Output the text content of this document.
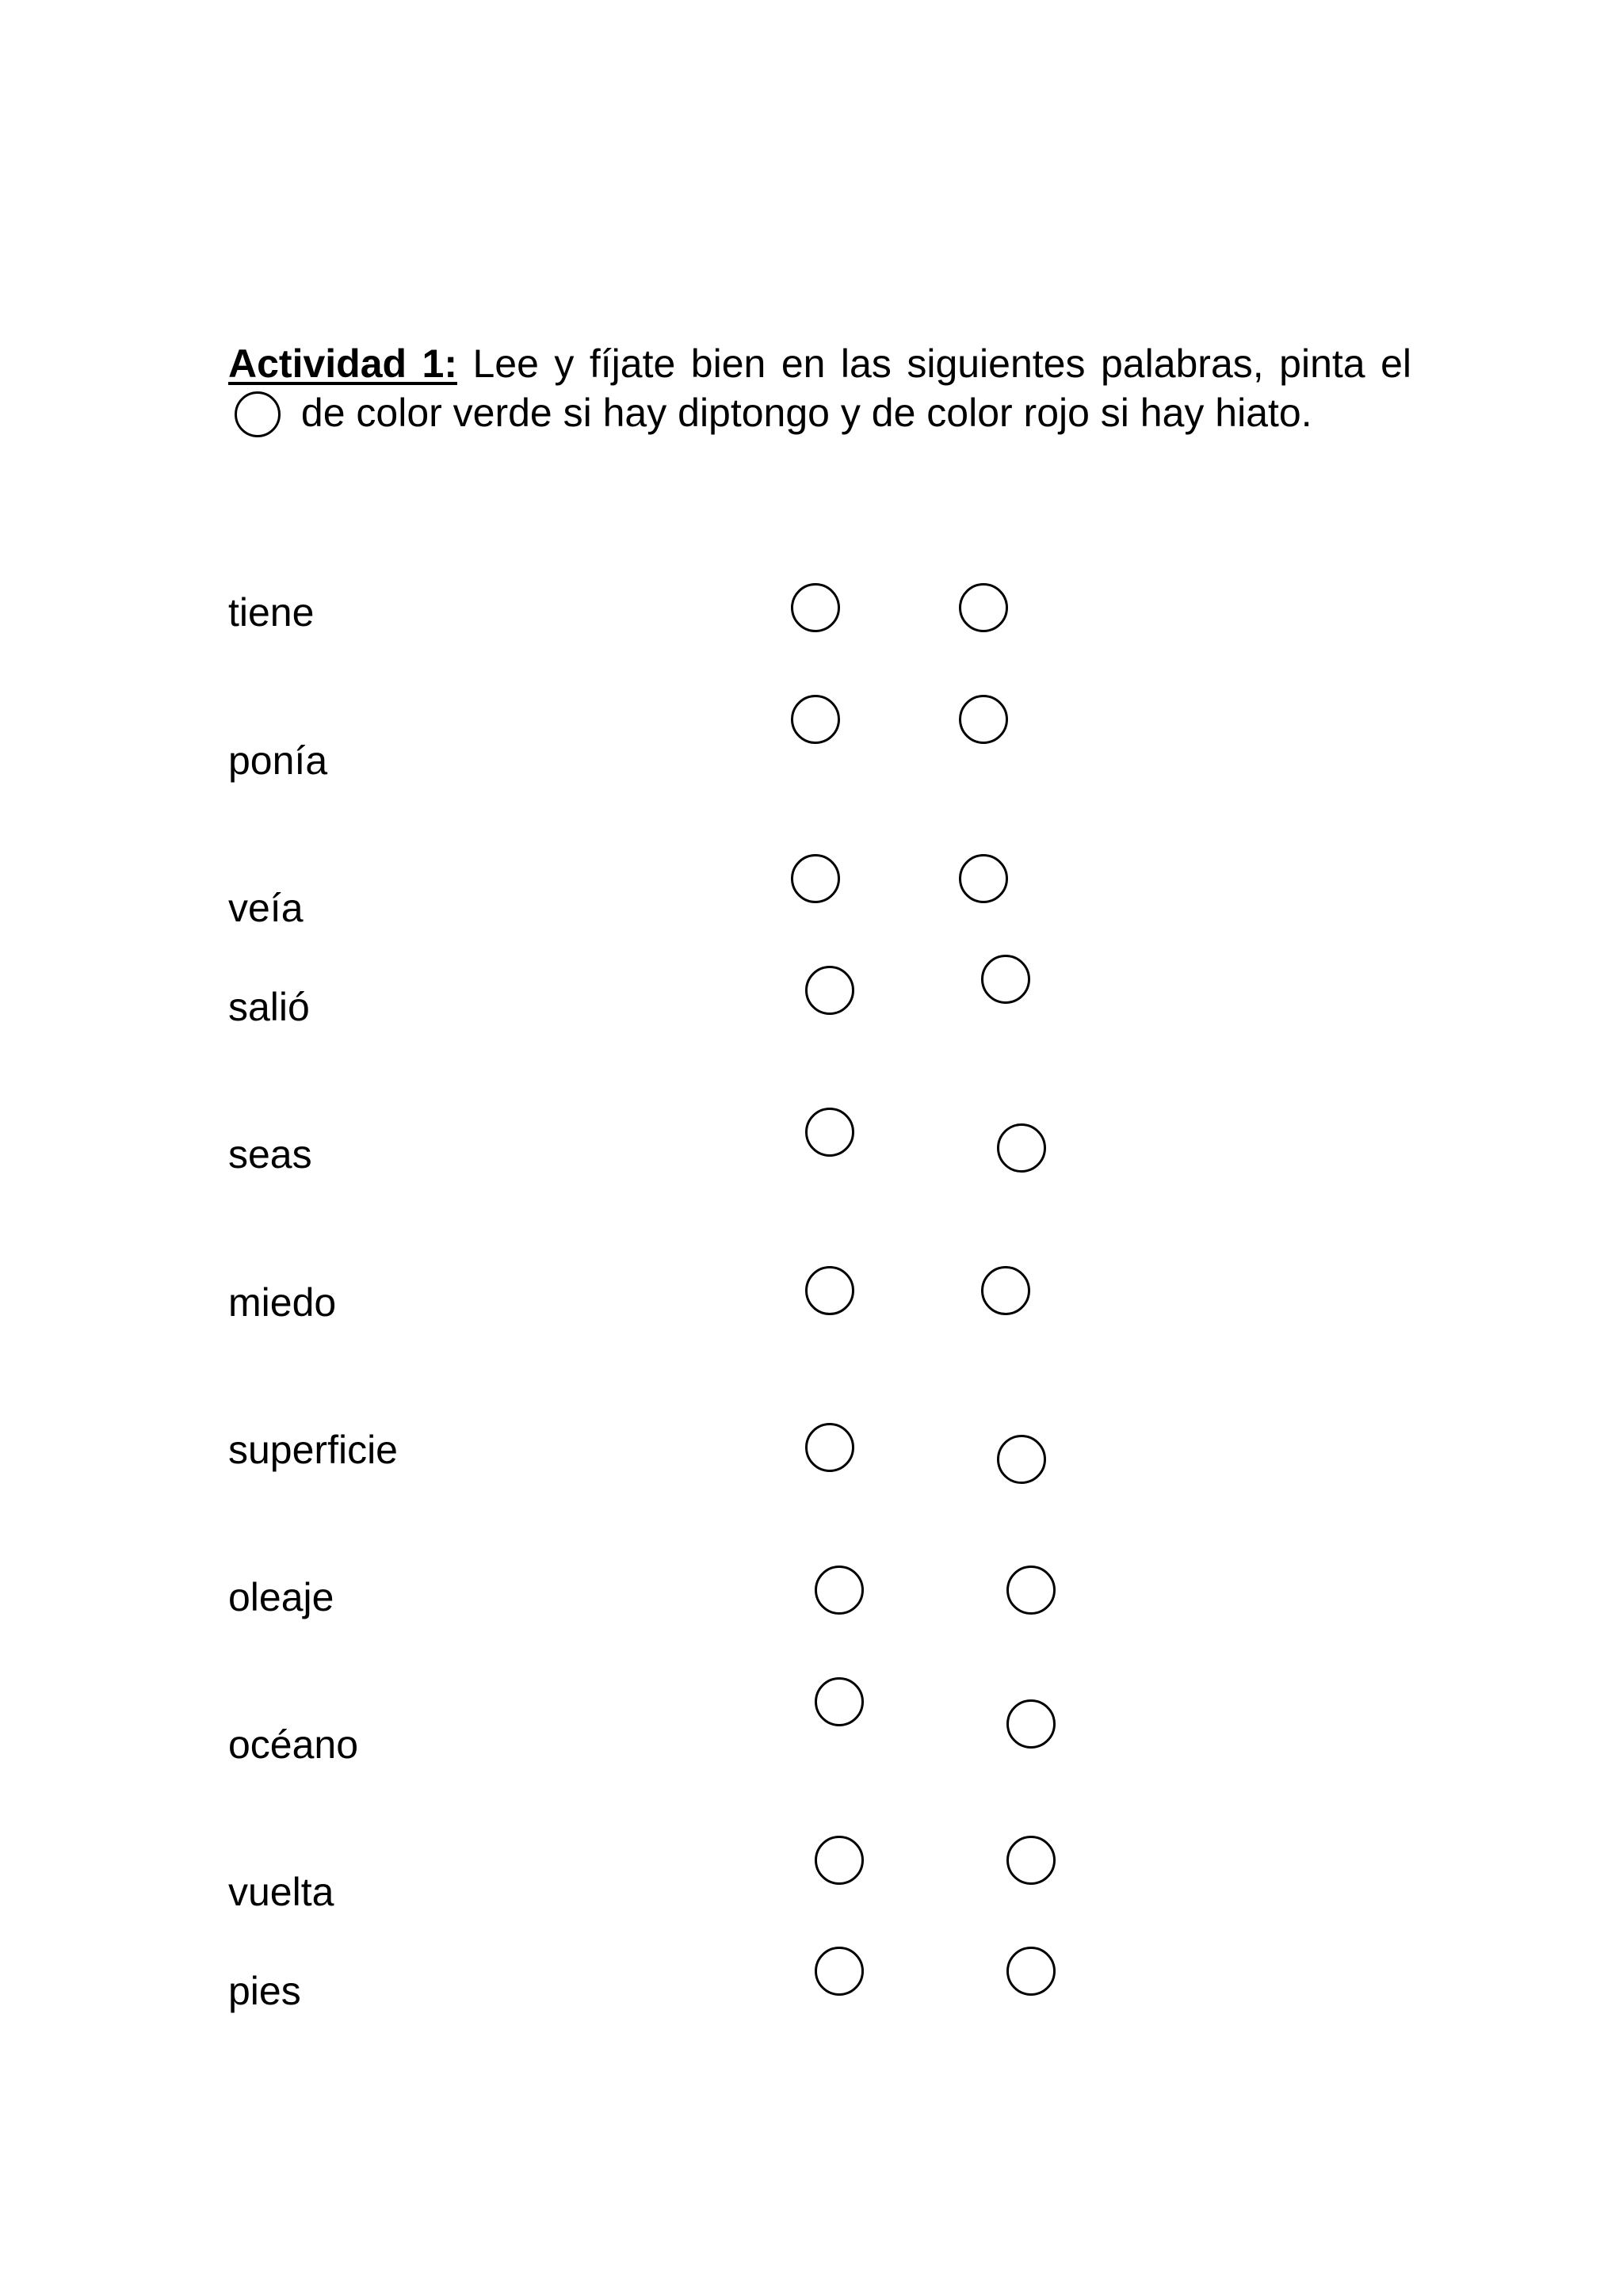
Actividad 1: Lee y fíjate bien en las siguientes palabras, pinta el de color verde si hay diptongo y de color rojo si hay hiato.

tiene
ponía
veía
salió
seas
miedo
superficie
oleaje
océano
vuelta
pies
